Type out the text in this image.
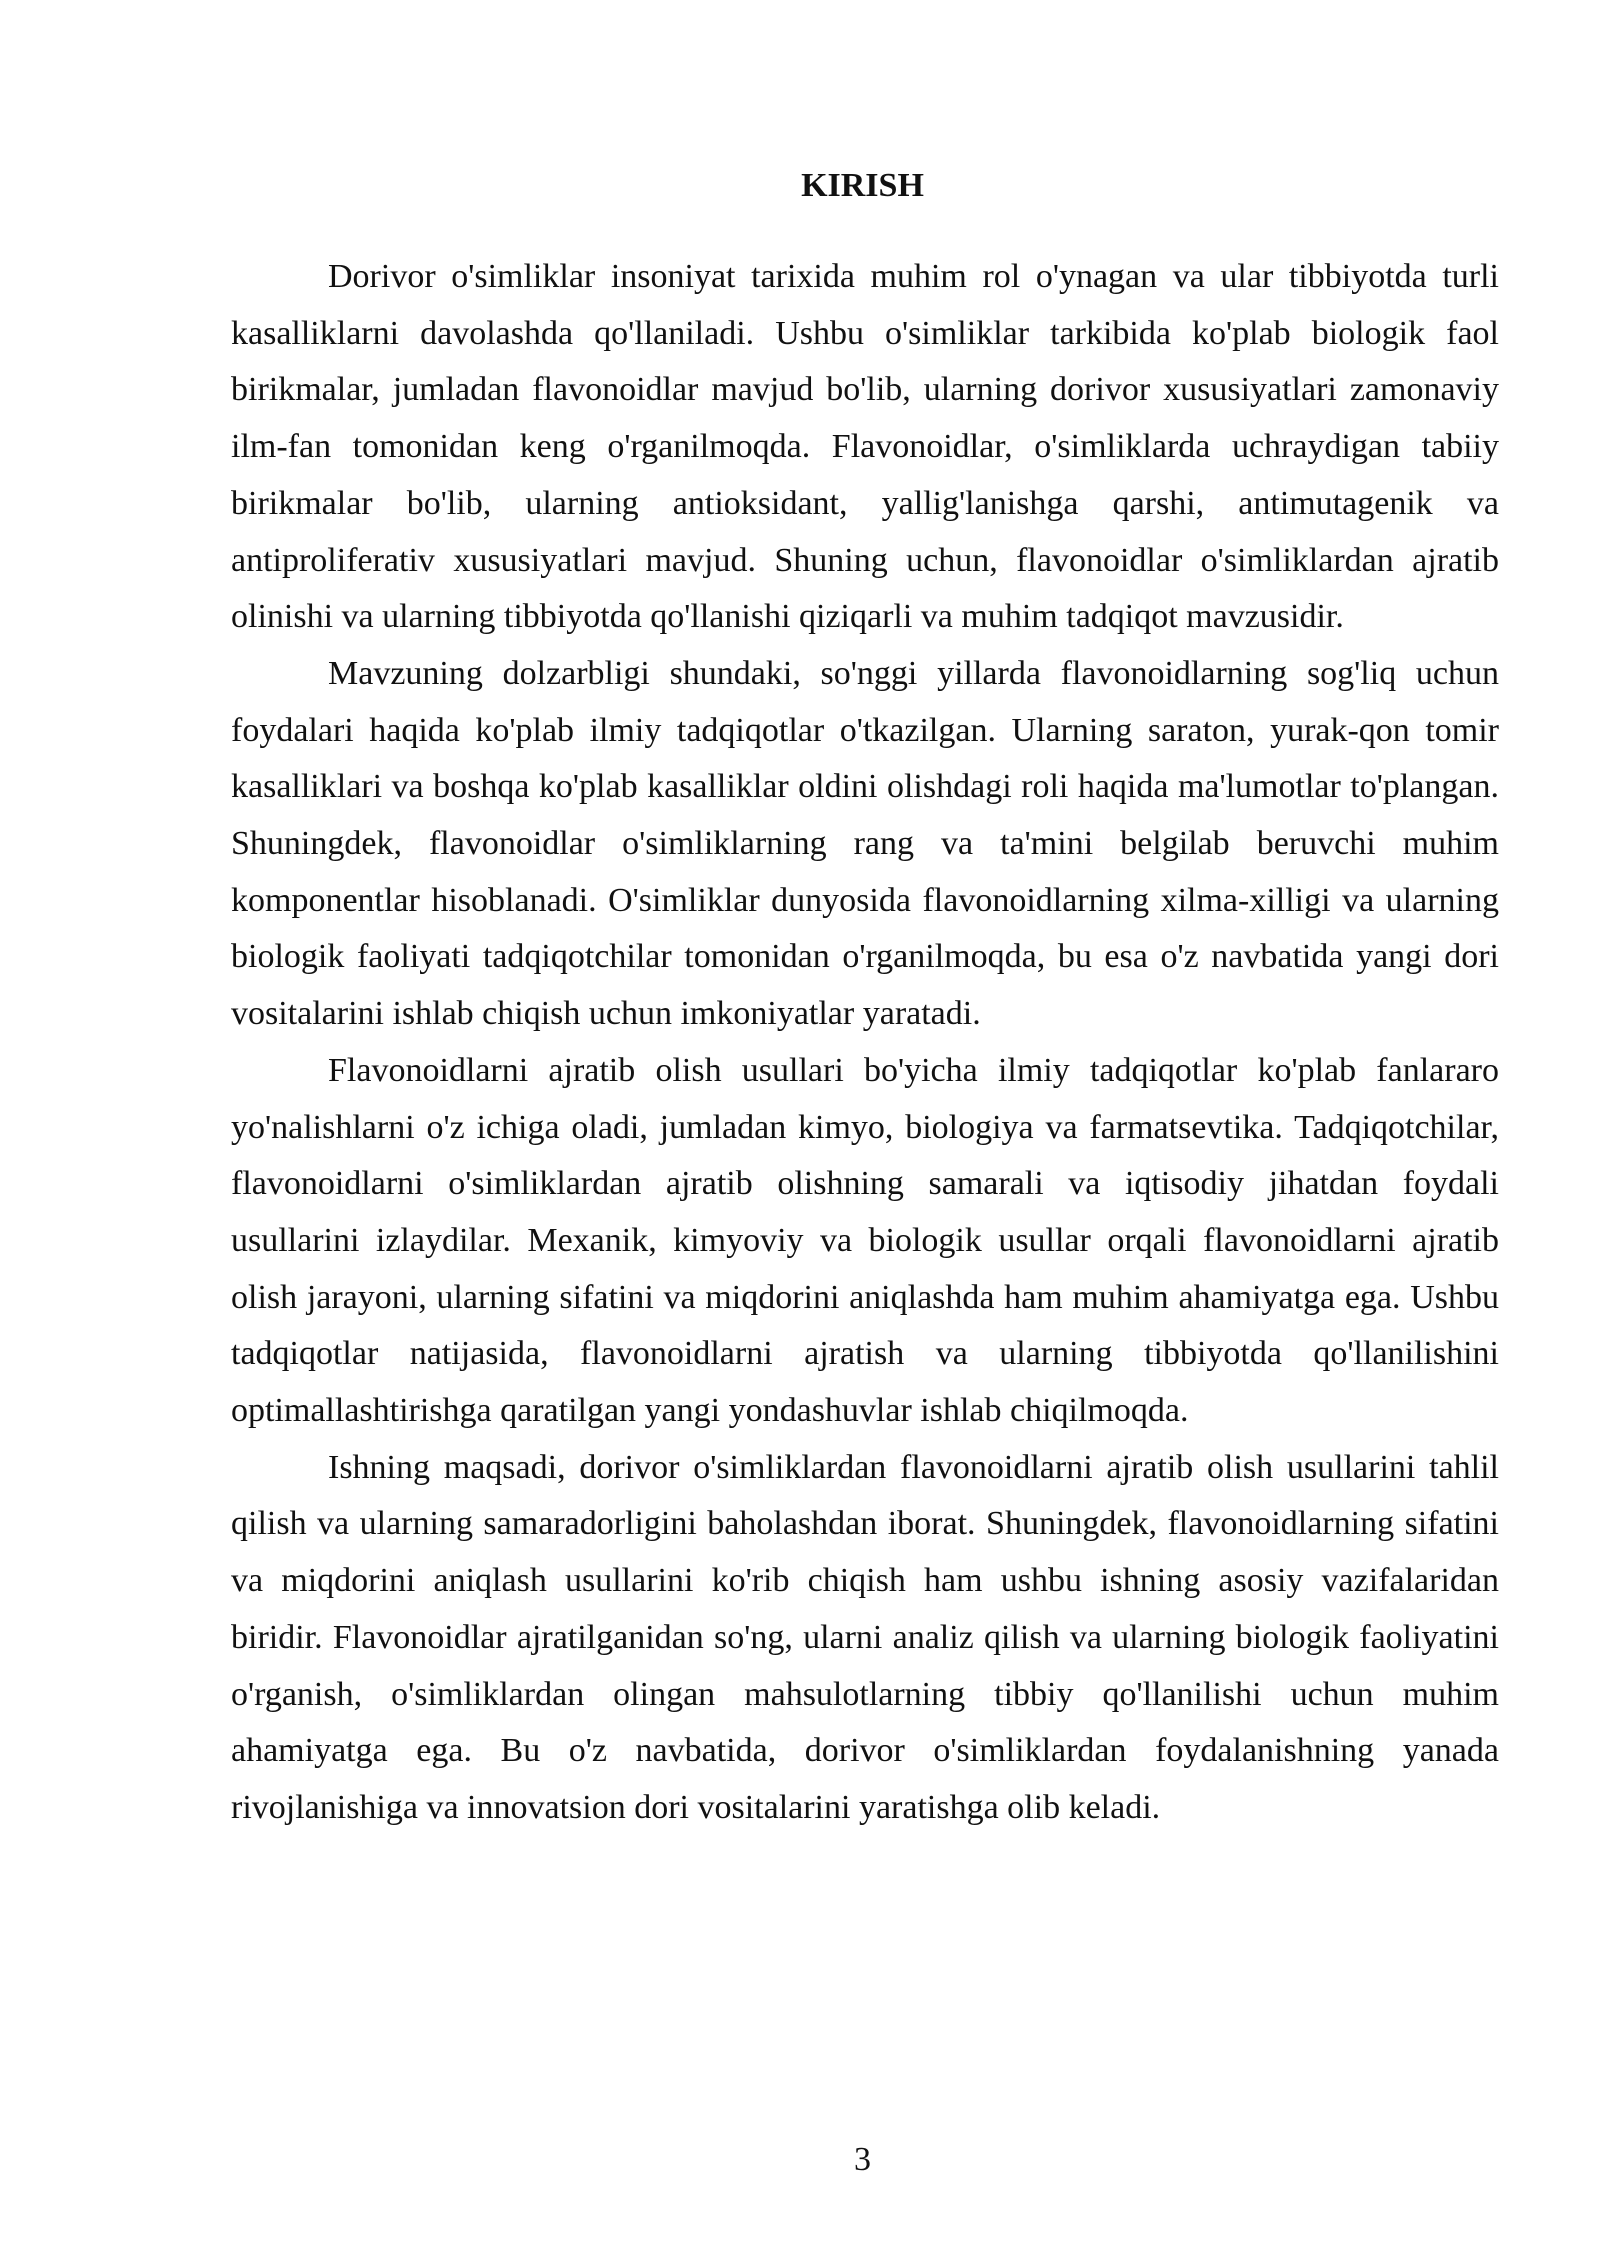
KIRISH

Dorivor o'simliklar insoniyat tarixida muhim rol o'ynagan va ular tibbiyotda turli kasalliklarni davolashda qo'llaniladi. Ushbu o'simliklar tarkibida ko'plab biologik faol birikmalar, jumladan flavonoidlar mavjud bo'lib, ularning dorivor xususiyatlari zamonaviy ilm-fan tomonidan keng o'rganilmoqda. Flavonoidlar, o'simliklarda uchraydigan tabiiy birikmalar bo'lib, ularning antioksidant, yallig'lanishga qarshi, antimutagenik va antiproliferativ xususiyatlari mavjud. Shuning uchun, flavonoidlar o'simliklardan ajratib olinishi va ularning tibbiyotda qo'llanishi qiziqarli va muhim tadqiqot mavzusidir.

Mavzuning dolzarbligi shundaki, so'nggi yillarda flavonoidlarning sog'liq uchun foydalari haqida ko'plab ilmiy tadqiqotlar o'tkazilgan. Ularning saraton, yurak-qon tomir kasalliklari va boshqa ko'plab kasalliklar oldini olishdagi roli haqida ma'lumotlar to'plangan. Shuningdek, flavonoidlar o'simliklarning rang va ta'mini belgilab beruvchi muhim komponentlar hisoblanadi. O'simliklar dunyosida flavonoidlarning xilma-xilligi va ularning biologik faoliyati tadqiqotchilar tomonidan o'rganilmoqda, bu esa o'z navbatida yangi dori vositalarini ishlab chiqish uchun imkoniyatlar yaratadi.

Flavonoidlarni ajratib olish usullari bo'yicha ilmiy tadqiqotlar ko'plab fanlararo yo'nalishlarni o'z ichiga oladi, jumladan kimyo, biologiya va farmatsevtika. Tadqiqotchilar, flavonoidlarni o'simliklardan ajratib olishning samarali va iqtisodiy jihatdan foydali usullarini izlaydilar. Mexanik, kimyoviy va biologik usullar orqali flavonoidlarni ajratib olish jarayoni, ularning sifatini va miqdorini aniqlashda ham muhim ahamiyatga ega. Ushbu tadqiqotlar natijasida, flavonoidlarni ajratish va ularning tibbiyotda qo'llanilishini optimallashtirishga qaratilgan yangi yondashuvlar ishlab chiqilmoqda.

Ishning maqsadi, dorivor o'simliklardan flavonoidlarni ajratib olish usullarini tahlil qilish va ularning samaradorligini baholashdan iborat. Shuningdek, flavonoidlarning sifatini va miqdorini aniqlash usullarini ko'rib chiqish ham ushbu ishning asosiy vazifalaridan biridir. Flavonoidlar ajratilganidan so'ng, ularni analiz qilish va ularning biologik faoliyatini o'rganish, o'simliklardan olingan mahsulotlarning tibbiy qo'llanilishi uchun muhim ahamiyatga ega. Bu o'z navbatida, dorivor o'simliklardan foydalanishning yanada rivojlanishiga va innovatsion dori vositalarini yaratishga olib keladi.

3
